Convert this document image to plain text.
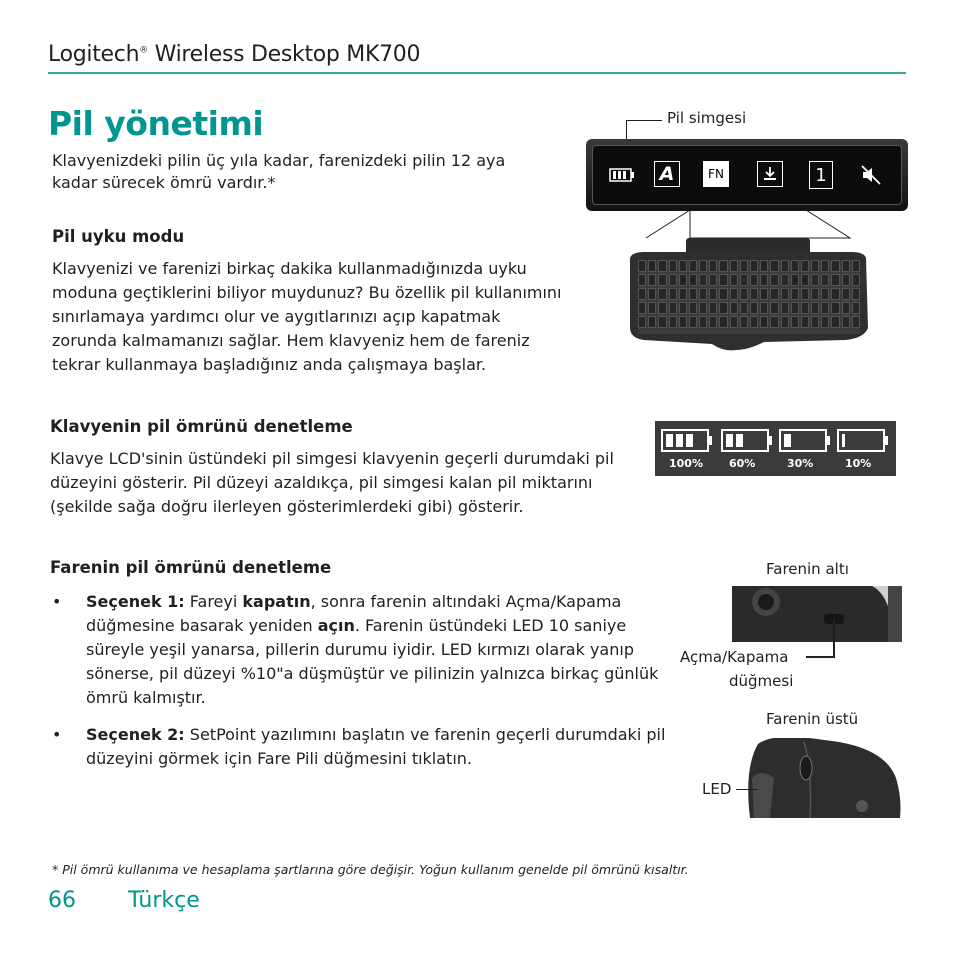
Logitech® Wireless Desktop MK700
Pil yönetimi
Klavyenizdeki pilin üç yıla kadar, farenizdeki pilin 12 aya kadar sürecek ömrü vardır.*
Pil uyku modu
Klavyenizi ve farenizi birkaç dakika kullanmadığınızda uyku moduna geçtiklerini biliyor muydunuz? Bu özellik pil kullanımını sınırlamaya yardımcı olur ve aygıtlarınızı açıp kapatmak zorunda kalmamanızı sağlar. Hem klavyeniz hem de fareniz tekrar kullanmaya başladığınız anda çalışmaya başlar.
Klavyenin pil ömrünü denetleme
Klavye LCD'sinin üstündeki pil simgesi klavyenin geçerli durumdaki pil düzeyini gösterir. Pil düzeyi azaldıkça, pil simgesi kalan pil miktarını (şekilde sağa doğru ilerleyen gösterimlerdeki gibi) gösterir.
Farenin pil ömrünü denetleme
• Seçenek 1: Fareyi kapatın, sonra farenin altındaki Açma/Kapama düğmesine basarak yeniden açın. Farenin üstündeki LED 10 saniye süreyle yeşil yanarsa, pillerin durumu iyidir. LED kırmızı olarak yanıp sönerse, pil düzeyi %10"a düşmüştür ve pilinizin yalnızca birkaç günlük ömrü kalmıştır.
• Seçenek 2: SetPoint yazılımını başlatın ve farenin geçerli durumdaki pil düzeyini görmek için Fare Pili düğmesini tıklatın.
Pil simgesi
A	FN	1
100% 60%	30%	10%
Farenin altı
Açma/Kapama
düğmesi
Farenin üstü
LED
* Pil ömrü kullanıma ve hesaplama şartlarına göre değişir. Yoğun kullanım genelde pil ömrünü kısaltır.
66 Türkçe
